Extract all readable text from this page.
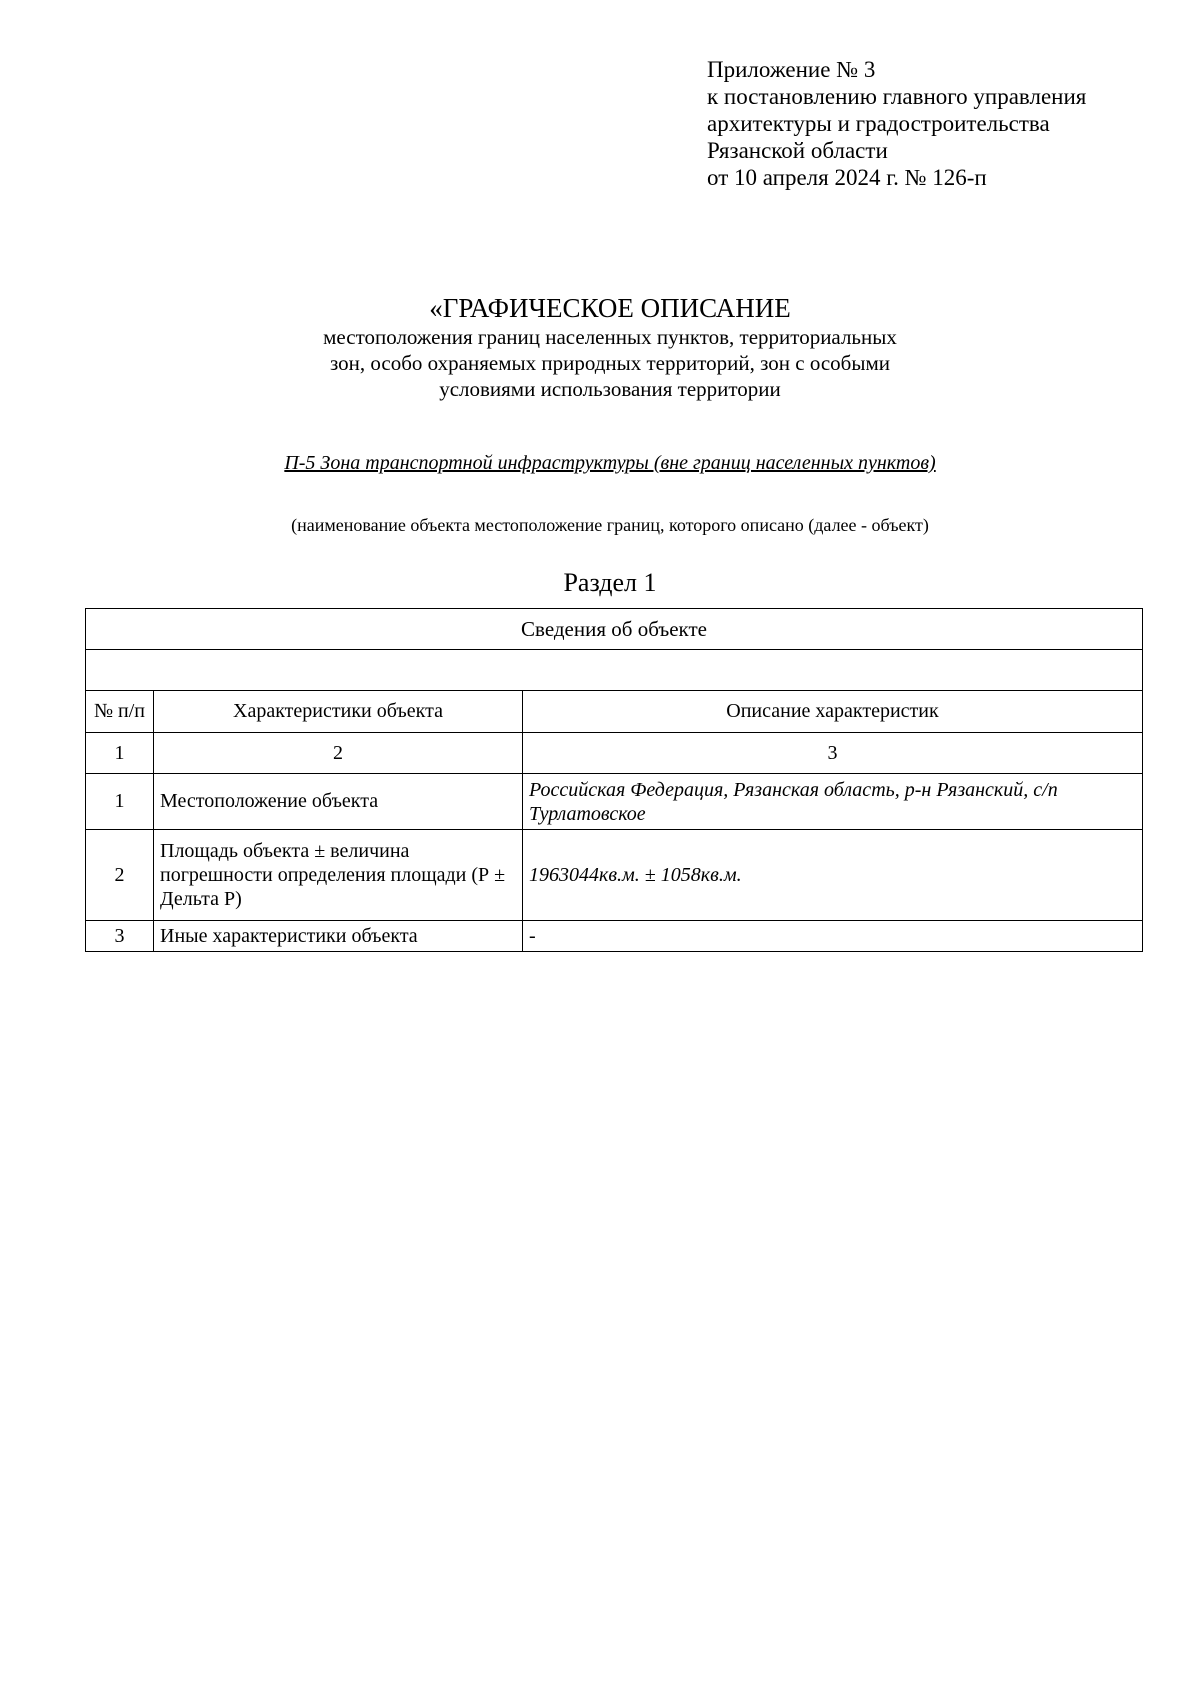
Приложение № 3
к постановлению главного управления
архитектуры и градостроительства
Рязанской области
от 10 апреля 2024 г. № 126-п
«ГРАФИЧЕСКОЕ ОПИСАНИЕ
местоположения границ населенных пунктов, территориальных
зон, особо охраняемых природных территорий, зон с особыми
условиями использования территории
П-5 Зона транспортной инфраструктуры (вне границ населенных пунктов)
(наименование объекта местоположение границ, которого описано (далее - объект)
Раздел 1
Сведения об объекте		

№ п/п	Характеристики объекта	Описание характеристик
1	2	3
1	Местоположение объекта	Российская Федерация, Рязанская область, р-н Рязанский, с/п Турлатовское
2	Площадь объекта ± величина погрешности определения площади (Р ± Дельта Р)	1963044кв.м. ± 1058кв.м.
3	Иные характеристики объекта	-
